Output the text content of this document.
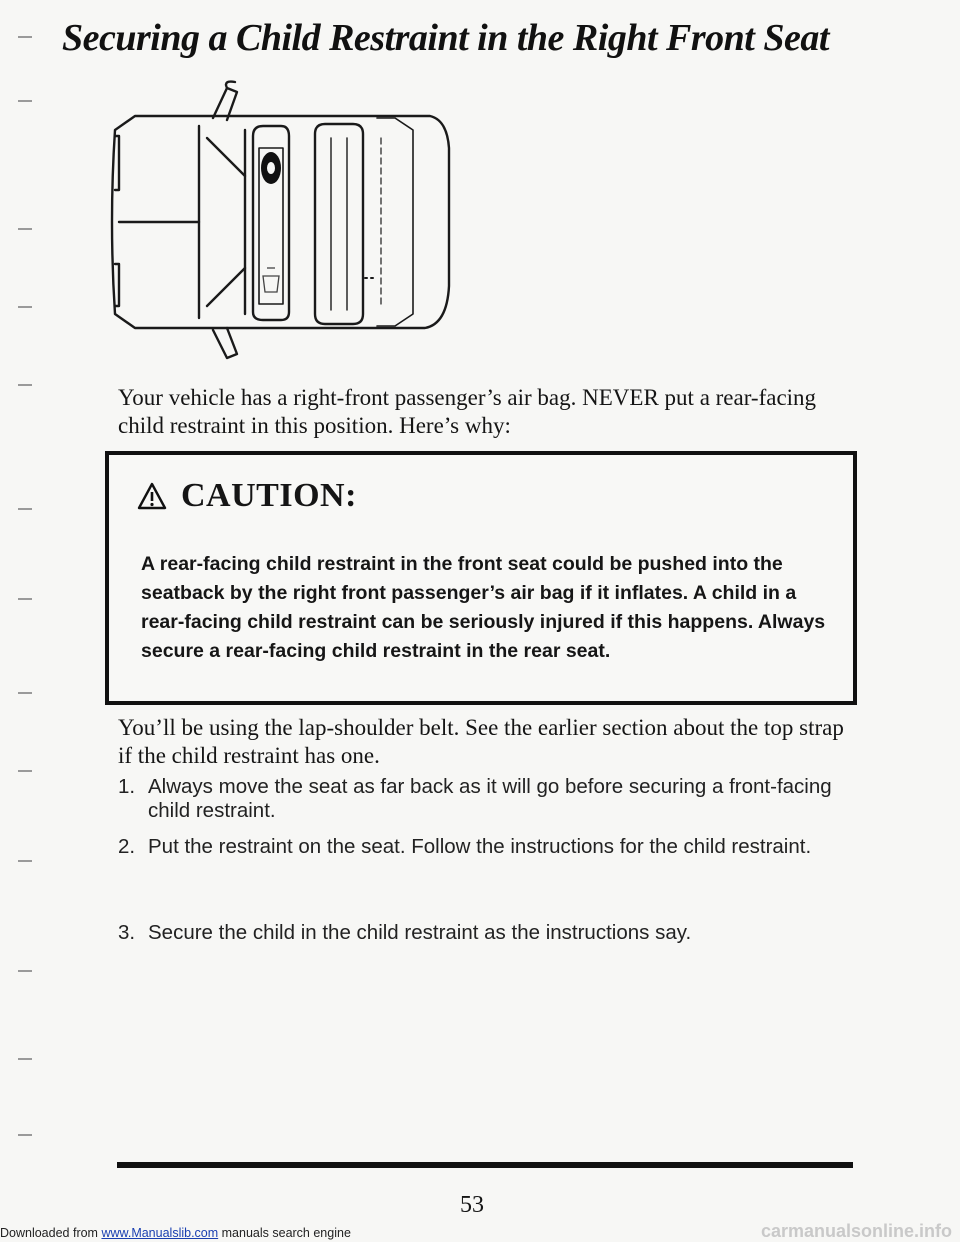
Securing a Child Restraint in the Right Front Seat

Your vehicle has a right-front passenger’s air bag. NEVER put a rear-facing child restraint in this position. Here’s why:

CAUTION:

A rear-facing child restraint in the front seat could be pushed into the seatback by the right front passenger’s air bag if it inflates. A child in a rear-facing child restraint can be seriously injured if this happens. Always secure a rear-facing child restraint in the rear seat.

You’ll be using the lap-shoulder belt. See the earlier section about the top strap if the child restraint has one.

1. Always move the seat as far back as it will go before securing a front-facing child restraint.
2. Put the restraint on the seat. Follow the instructions for the child restraint.
3. Secure the child in the child restraint as the instructions say.
53
Downloaded from www.Manualslib.com manuals search engine	carmanualsonline.info
